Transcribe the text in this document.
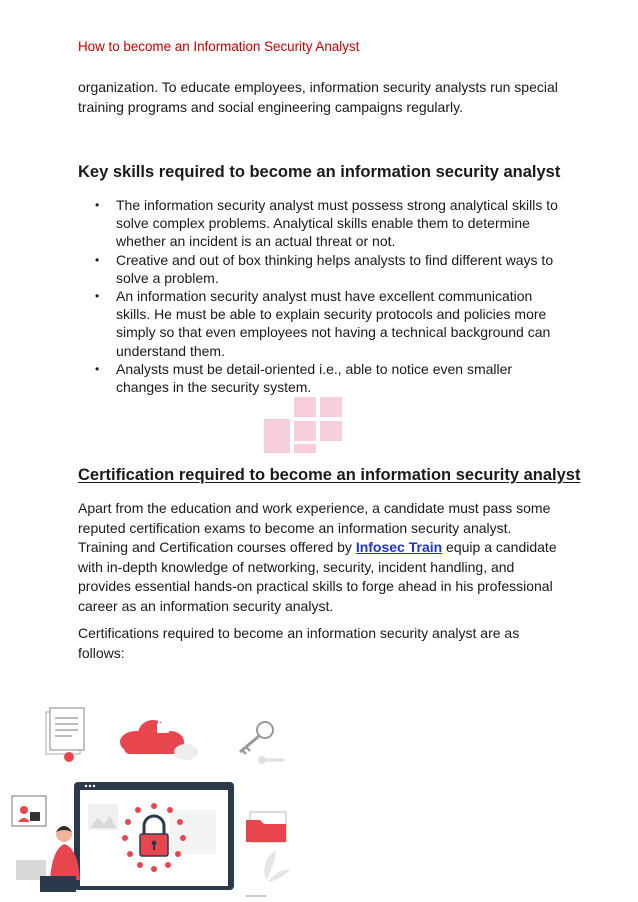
How to become an Information Security Analyst
organization. To educate employees, information security analysts run special training programs and social engineering campaigns regularly.
Key skills required to become an information security analyst
• The information security analyst must possess strong analytical skills to solve complex problems. Analytical skills enable them to determine whether an incident is an actual threat or not.
• Creative and out of box thinking helps analysts to find different ways to solve a problem.
• An information security analyst must have excellent communication skills. He must be able to explain security protocols and policies more simply so that even employees not having a technical background can understand them.
• Analysts must be detail-oriented i.e., able to notice even smaller changes in the security system.
Certification required to become an information security analyst
Apart from the education and work experience, a candidate must pass some reputed certification exams to become an information security analyst. Training and Certification courses offered by Infosec Train equip a candidate with in-depth knowledge of networking, security, incident handling, and provides essential hands-on practical skills to forge ahead in his professional career as an information security analyst.
Certifications required to become an information security analyst are as follows:
